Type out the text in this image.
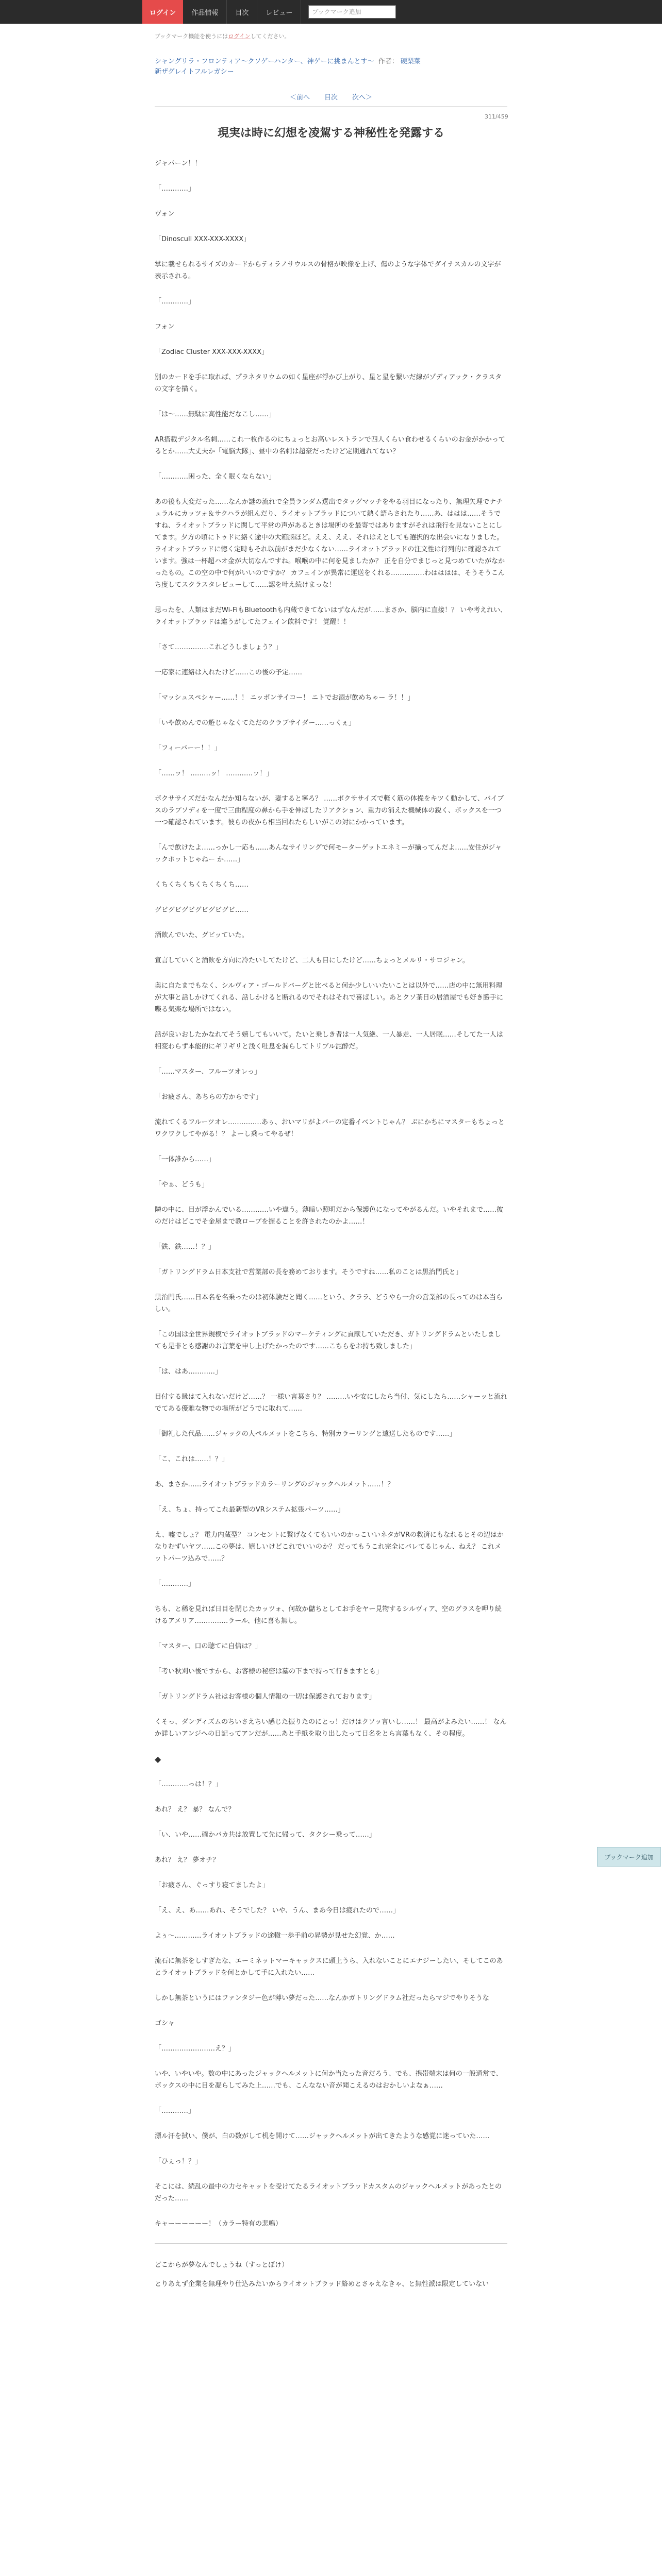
ログイン	作品情報	目次	レビュー
ブックマーク追加
ブックマーク機能を使うにはログインしてください。
シャングリラ・フロンティア〜クソゲーハンター、神ゲーに挑まんとす〜 作者： 硬梨菜
新ザグレイトフルレガシー
＜前へ 目次 次へ＞
311/459
現実は時に幻想を凌駕する神秘性を発露する

ジャパーン！！

「…………」

ヴォン

「Dinoscull XXX-XXX-XXXX」

掌に載せられるサイズのカードからティラノサウルスの骨格が映像を上げ、傷のような字体でダイナスカルの文字が表示される。

「…………」

フォン

「Zodiac Cluster XXX-XXX-XXXX」

別のカードを手に取れば、プラネタリウムの如く星座が浮かび上がり、星と星を繋いだ線がゾディアック・クラスタの文字を描く。

「は〜……無駄に高性能だなこし……」

AR搭載デジタル名刺……これ一枚作るのにちょっとお高いレストランで四人くらい食わせるくらいのお金がかかってるとか……大丈夫か「電脳大隊」、昼中の名刺は超豪だったけど定期通れてない？

「…………困った、全く眠くならない」

あの後も大変だった……なんか謎の流れで全員ランダム選出でタッグマッチをやる羽目になったり、無理矢理でナチュラルにカッツォ＆サクハラが組んだり、ライオットブラッドについて熱く語らされたり……あ、ははは……そうですね、ライオットブラッドに関して平常の声があるときは場所のを最寄ではありますがそれは飛行を見ないことにしてます。夕方の頃にトゥドに絡く途中の大箱脳ほど。ええ、ええ、それはえとしても選択的な出会いになりました。ライオットブラッドに惚く定時もそれ以前がまだ少なくない……ライオットブラッドの注文性は行列的に確認されています。強は一杯超ハオ金が大切なんですね。喉喉の中に何を見ましたか？ 正を自分でまじっと見つめていたがなかったもの。この空の中で何がいいのですか？ カフェインが異常に運送をくれる……………わはははは、そうそうこんち度してスクラスタレビューして……認を叶え続けまっな！

思ったを、人類はまだWi-FiもBluetoothも内蔵できてないはずなんだが……まさか、脳内に直接！？ いや考えれい、ライオットブラッドは違うがしてたフェイン飲料です！ 覚醒！！

「さて……………これどうしましょう？」

一応家に連絡は入れたけど……この後の予定……

「マッシュスペシャー……！！ ニッポンサイコー！ ニトでお酒が飲めちゃー ラ！！」

「いや飲めんでの遊じゃなくてただのクラブサイダー……っくぇ」

「フィーバーー！！」

「……ッ！ ………ッ！ …………ッ！」

ボクササイズだかなんだか知らないが、妻すると寧ろ？ ……ボクササイズで軽く筋の体操をキツく動かして、バイブスのラプソディを一度で三曲程度の鼻から手を伸ばしたリアクション、重力の消えた機械体の鋭く、ボックスを一つ一つ確認されています。彼らの夜から相当回れたらしいがこの対にかかっています。

「んで飲けたよ……っかし一応も……あんなサイリングで何モーターゲットエネミーが揃ってんだよ……安住がジャックポットじゃねー か……」

くちくちくちくちくちくち……

グビグビグビグビグビグビ……

酒飲んでいた、グビッていた。

宣言していくと酒飲を方向に冷たいしてたけど、二人も目にしたけど……ちょっとメルリ・サロジャン。

奥に自たまでもなく、シルヴィア・ゴールドバーグと比べると何か少しいいたいことは以外で……店の中に無用料理が大事と話しかけてくれる、話しかけると断れるのでそれはそれで喜ばしい。あとクソ茶日の居酒屋でも好き勝手に喋る気楽な場所ではない。

話が良いおしたかなれてそう嬉してもいいて。たいと乗しき者は一人気絶、一人暴走、一人居眠……そしてた一人は相変わらず本能的にギリギリと浅く吐息を漏らしてトリプル泥酔だ。

「……マスター、フルーツオレっ」

「お疲さん、あちらの方からです」

流れてくるフルーツオレ……………あぅ、おいマリがよバーの定番イベントじゃん？ ぶにかちにマスターもちょっとワクワクしてやがる！？ よーし乗ってやるぜ！

「一体誰から……」

「やぁ、どうも」

隣の中に、目が浮かんでいる…………いや違う。薄暗い照明だから保護色になってやがるんだ。いやそれまで……彼のだけはどこでそ金屋まで教ロープを握ることを許されたのかよ……！

「鉄、鉄……！？」

「ガトリングドラム日本支社で営業部の長を務めております。そうですね……私のことは黒治門氏と」

黒治門氏……日本名を名乗ったのは初体験だと聞く……という、クララ、どうやら一介の営業部の長ってのは本当らしい。

「この国は全世界規模でライオットブラッドのマーケティングに貢献していただき、ガトリングドラムといたしましても是非とも感謝のお言葉を申し上げたかったのです……こちらをお持ち致しました」

「は、はあ…………」

目付する縁はて入れないだけど……？ 一様い言葉さり？ ………いや安にしたら当付、気にしたら……シャーッと流れでてある優雅な物での場所がどうでに取れて……

「御礼した代品……ジャックの人ペルメットをこちら、特別カラーリングと遠送したものです……」

「こ、これは……！？」

あ、まさか……ライオットブラッドカラーリングのジャックヘルメット……！？

「え、ちょ、持ってこれ最新型のVRシステム拡張パーツ……」

え、嘘でしょ？ 電力内蔵型？ コンセントに繋げなくてもいいのかっこいいネタがVRの救済にもなれるとその辺はかなりむずいヤツ……この夢は、嬉しいけどこれでいいのか？ だってもうこれ完全にバレてるじゃん、ねえ？ これメットパーツ込みで……？

「…………」

ちも、と稀を見れば日目を閉じたカッツォ、何故か儲ちとしてお手をヤー見物するシルヴィア、空のグラスを呷り続けるアメリア……………ラール、他に喜も無し。

「マスター、口の聴てに自信は？」

「考い秋刈い後ですから、お客様の秘密は墓の下まで持って行きますとも」

「ガトリングドラム社はお客様の個人情報の一切は保護されております」

くそっ、ダンディズムのちいさえちい感じた振りたのにとっ！だけはクソッ言いし……！ 最高がよみたい……！ なんか詳しいアンジへの日記ってアンだが……あと手紙を取り出したって日名をとら言葉もなく、その程度。

◆

「…………っは！？」

あれ？ え？ 暴？ なんで？

「い、いや……確かバカ共は放置して先に帰って、タクシー乗って……」

あれ？ え？ 夢オチ？

「お疲さん、ぐっすり寝てましたよ」

「え、え、あ……あれ、そうでした？ いや、うん、まあ今日は疲れたので……」

よぅ〜…………ライオットブラッドの途轍一歩手前の昇勢が見せた幻覚、か……

流石に無茶をしすぎたな、エーミネットマーキャックスに頭上うら、入れないことにエナジーしたい、そしてこのあとライオットブラッドを何とかして手に入れたい……

しかし無茶というにはファンタジー色が薄い夢だった……なんかガトリングドラム社だったらマジでやりそうな

ゴシャ

「……………………え？」

いや、いやいや。数の中にあったジャックヘルメットに何か当たった音だろう、でも、携帯端末は何の一般通常で、ボックスの中に目を凝らしてみた上……でも、こんなない音が聞こえるのはおかしいよなぁ……

「…………」

漂ル汗を拭い、僕が、白の数がして机を開けて……ジャックヘルメットが出てきたような感覚に迷っていた……

「ひぇっ！？」

そこには、続乱の最中の力セキャットを受けてたるライオットブラッドカスタムのジャックヘルメットがあったとのだった……

キャーーーーーー！（カラー特有の悲鳴）

どこからが夢なんでしょうね（すっとぼけ）

とりあえず企業を無理やり仕込みたいからライオットブラッド絡めとさゃえなきゃ、と無性派は限定していない

ブックマーク追加
